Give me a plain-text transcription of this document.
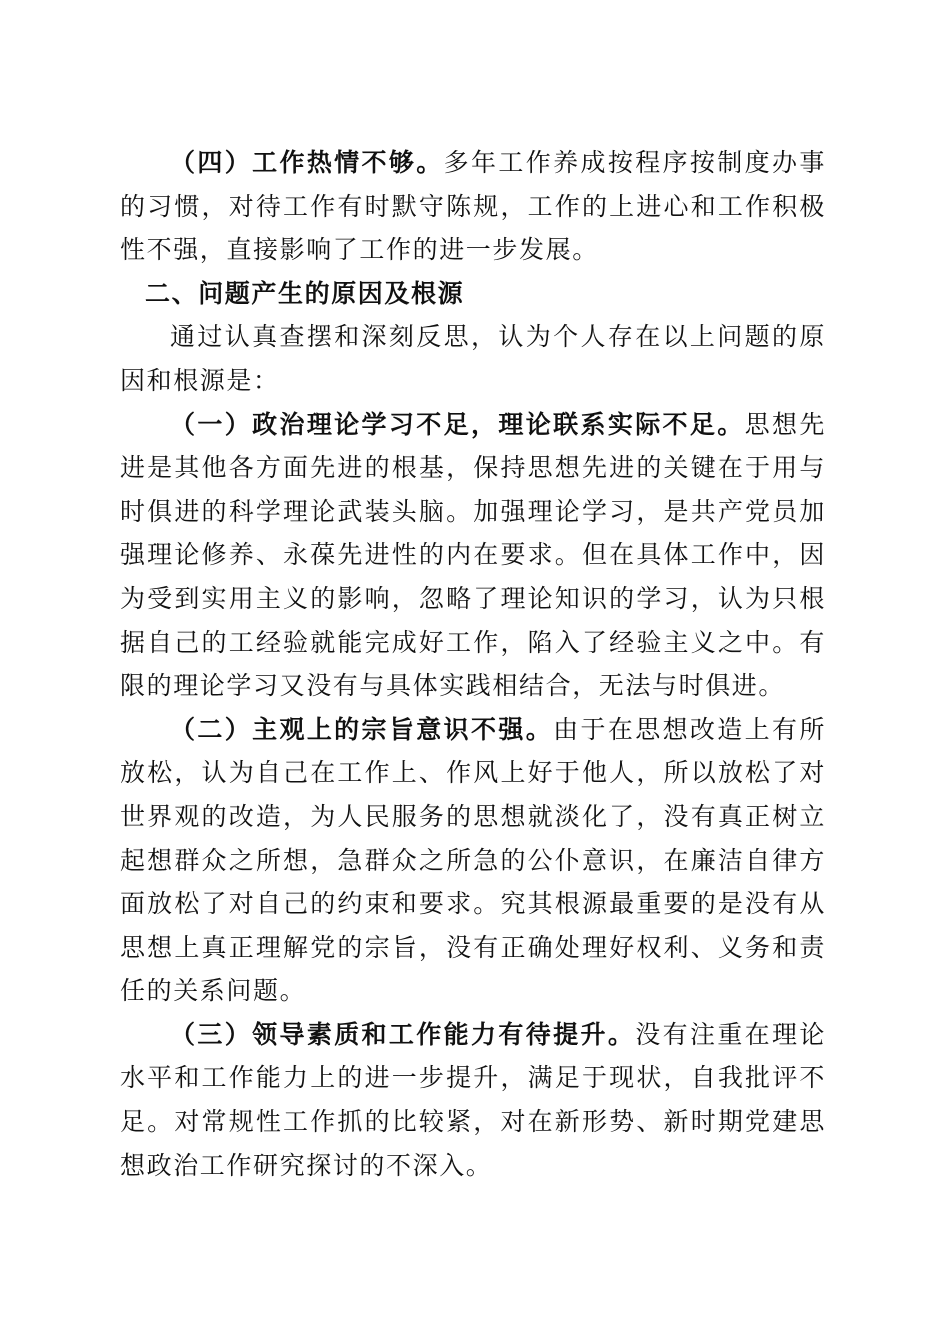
（四）工作热情不够。多年工作养成按程序按制度办事的习惯，对待工作有时默守陈规，工作的上进心和工作积极性不强，直接影响了工作的进一步发展。

二、问题产生的原因及根源

通过认真查摆和深刻反思，认为个人存在以上问题的原因和根源是：

（一）政治理论学习不足，理论联系实际不足。思想先进是其他各方面先进的根基，保持思想先进的关键在于用与时俱进的科学理论武装头脑。加强理论学习，是共产党员加强理论修养、永葆先进性的内在要求。但在具体工作中，因为受到实用主义的影响，忽略了理论知识的学习，认为只根据自己的工经验就能完成好工作，陷入了经验主义之中。有限的理论学习又没有与具体实践相结合，无法与时俱进。

（二）主观上的宗旨意识不强。由于在思想改造上有所放松，认为自己在工作上、作风上好于他人，所以放松了对世界观的改造，为人民服务的思想就淡化了，没有真正树立起想群众之所想，急群众之所急的公仆意识，在廉洁自律方面放松了对自己的约束和要求。究其根源最重要的是没有从思想上真正理解党的宗旨，没有正确处理好权利、义务和责任的关系问题。

（三）领导素质和工作能力有待提升。没有注重在理论水平和工作能力上的进一步提升，满足于现状，自我批评不足。对常规性工作抓的比较紧，对在新形势、新时期党建思想政治工作研究探讨的不深入。
